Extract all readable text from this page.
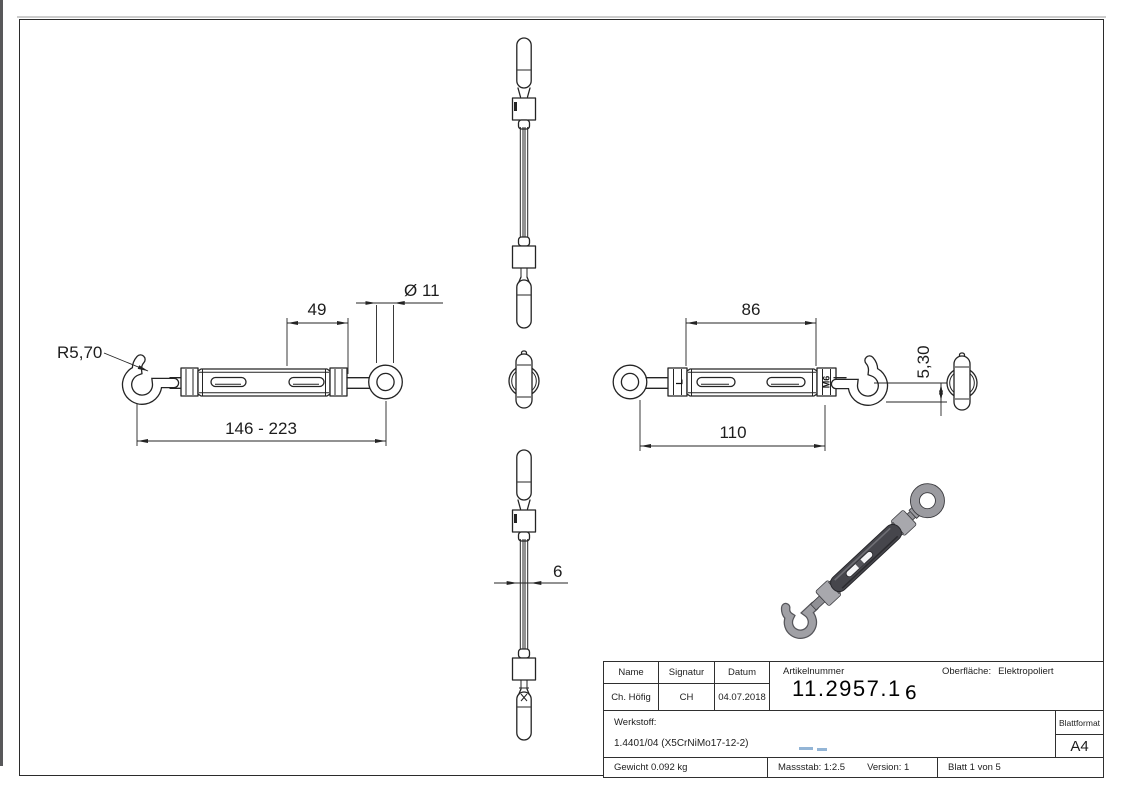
6
49
Ø 11
R5,70
146 - 223
L	M6
86
110
5,30
Name	Signatur	Datum
Ch. Höfig	CH	04.07.2018
Artikelnummer
11.2957.1 6
Oberfläche: Elektropoliert
Werkstoff:
1.4401/04 (X5CrNiMo17-12-2)
Blattformat
A4
Gewicht 0.092 kg	Massstab: 1:2.5 Version: 1	Blatt 1 von 5
